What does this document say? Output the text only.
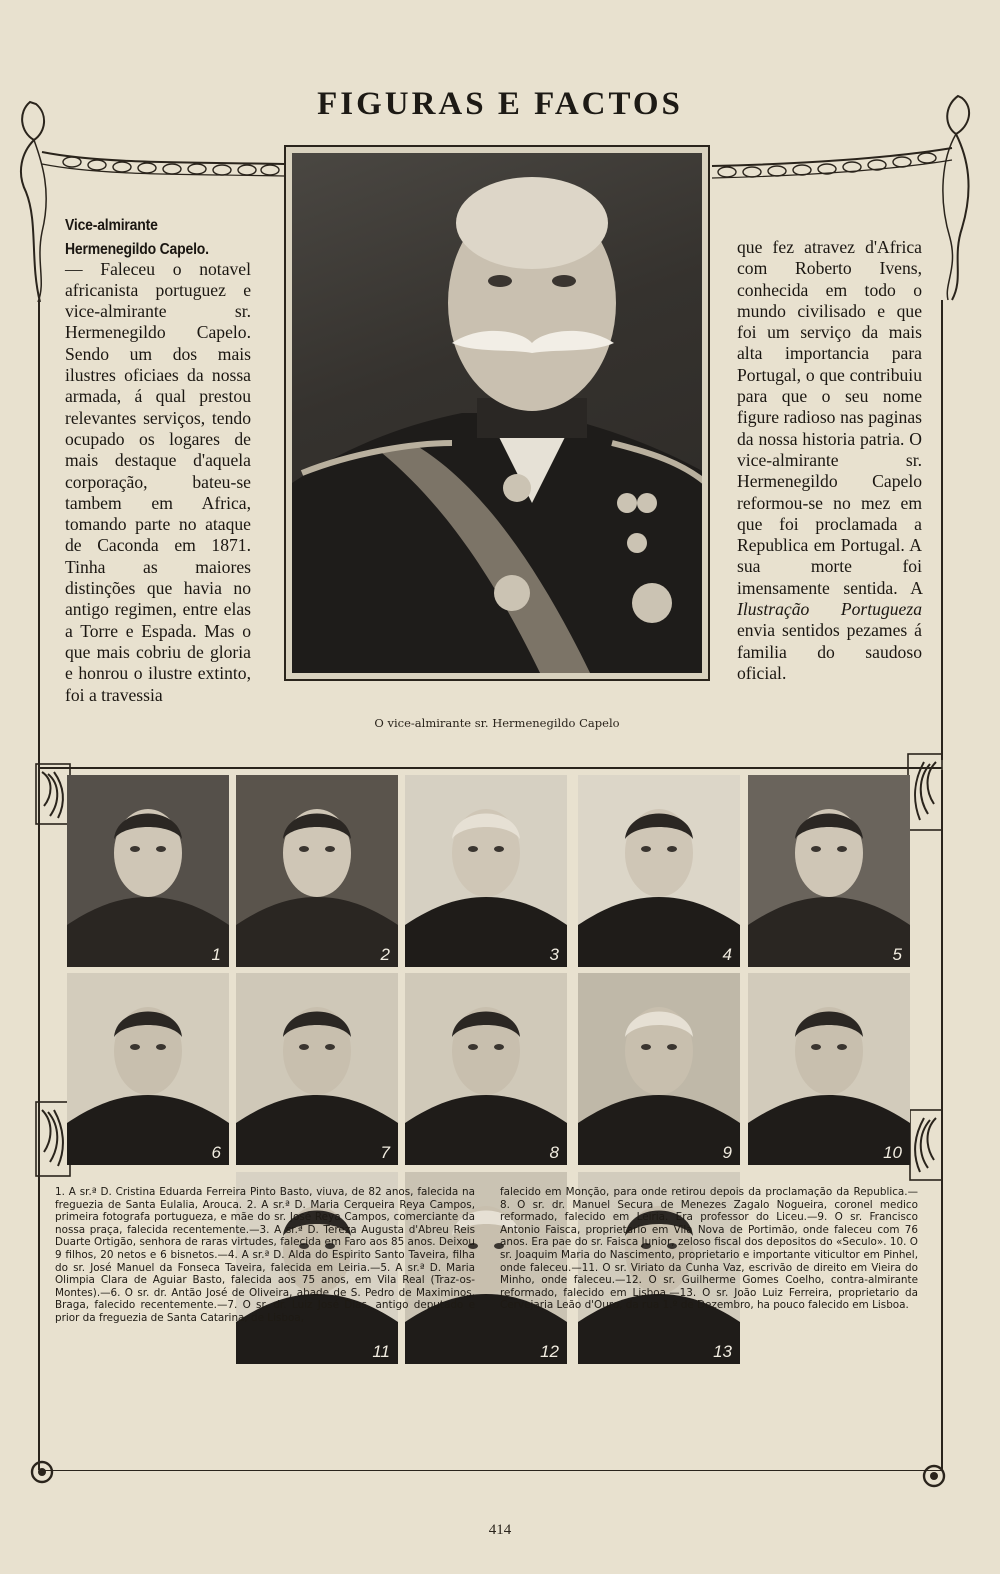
FIGURAS E FACTOS

Vice-almirante Hermenegildo Capelo. — Faleceu o notavel africanista portuguez e vice-almirante sr. Hermenegildo Capelo. Sendo um dos mais ilustres oficiaes da nossa armada, á qual prestou relevantes serviços, tendo ocupado os logares de mais destaque d'aquela corporação, bateu-se tambem em Africa, tomando parte no ataque de Caconda em 1871. Tinha as maiores distinções que havia no antigo regimen, entre elas a Torre e Espada. Mas o que mais cobriu de gloria e honrou o ilustre extinto, foi a travessia

O vice-almirante sr. Hermenegildo Capelo

que fez atravez d'Africa com Roberto Ivens, conhecida em todo o mundo civilisado e que foi um serviço da mais alta importancia para Portugal, o que contribuiu para que o seu nome figure radioso nas paginas da nossa historia patria. O vice-almirante sr. Hermenegildo Capelo reformou-se no mez em que foi proclamada a Republica em Portugal. A sua morte foi imensamente sentida. A Ilustração Portugueza envia sentidos pezames á familia do saudoso oficial.

1	2	3	4	5
6	7	8	9	10
11	12	13

1. A sr.ª D. Cristina Eduarda Ferreira Pinto Basto, viuva, de 82 anos, falecida na freguezia de Santa Eulalia, Arouca. 2. A sr.ª D. Maria Cerqueira Reya Campos, primeira fotografa portugueza, e mãe do sr. José Reya Campos, comerciante da nossa praça, falecida recentemente.—3. A sr.ª D. Tereza Augusta d'Abreu Reis Duarte Ortigão, senhora de raras virtudes, falecida em Faro aos 85 anos. Deixou 9 filhos, 20 netos e 6 bisnetos.—4. A sr.ª D. Alda do Espirito Santo Taveira, filha do sr. José Manuel da Fonseca Taveira, falecida em Leiria.—5. A sr.ª D. Maria Olimpia Clara de Aguiar Basto, falecida aos 75 anos, em Vila Real (Traz-os-Montes).—6. O sr. dr. Antão José de Oliveira, abade de S. Pedro de Maximinos, Braga, falecido recentemente.—7. O sr. dr. Luiz José Dias, antigo deputado e prior da freguezia de Santa Catarina, de Lisboa,

falecido em Monção, para onde retirou depois da proclamação da Republica.—8. O sr. dr. Manuel Secura de Menezes Zagalo Nogueira, coronel medico reformado, falecido em Leiria. Era professor do Liceu.—9. O sr. Francisco Antonio Faisca, proprietario em Vila Nova de Portimão, onde faleceu com 76 anos. Era pae do sr. Faisca Junior, zeloso fiscal dos depositos do «Seculo». 10. O sr. Joaquim Maria do Nascimento, proprietario e importante viticultor em Pinhel, onde faleceu.—11. O sr. Viriato da Cunha Vaz, escrivão de direito em Vieira do Minho, onde faleceu.—12. O sr. Guilherme Gomes Coelho, contra-almirante reformado, falecido em Lisboa.—13. O sr. João Luiz Ferreira, proprietario da Cervejaria Leão d'Ouro, da rua 1.º de Dezembro, ha pouco falecido em Lisboa.

414
